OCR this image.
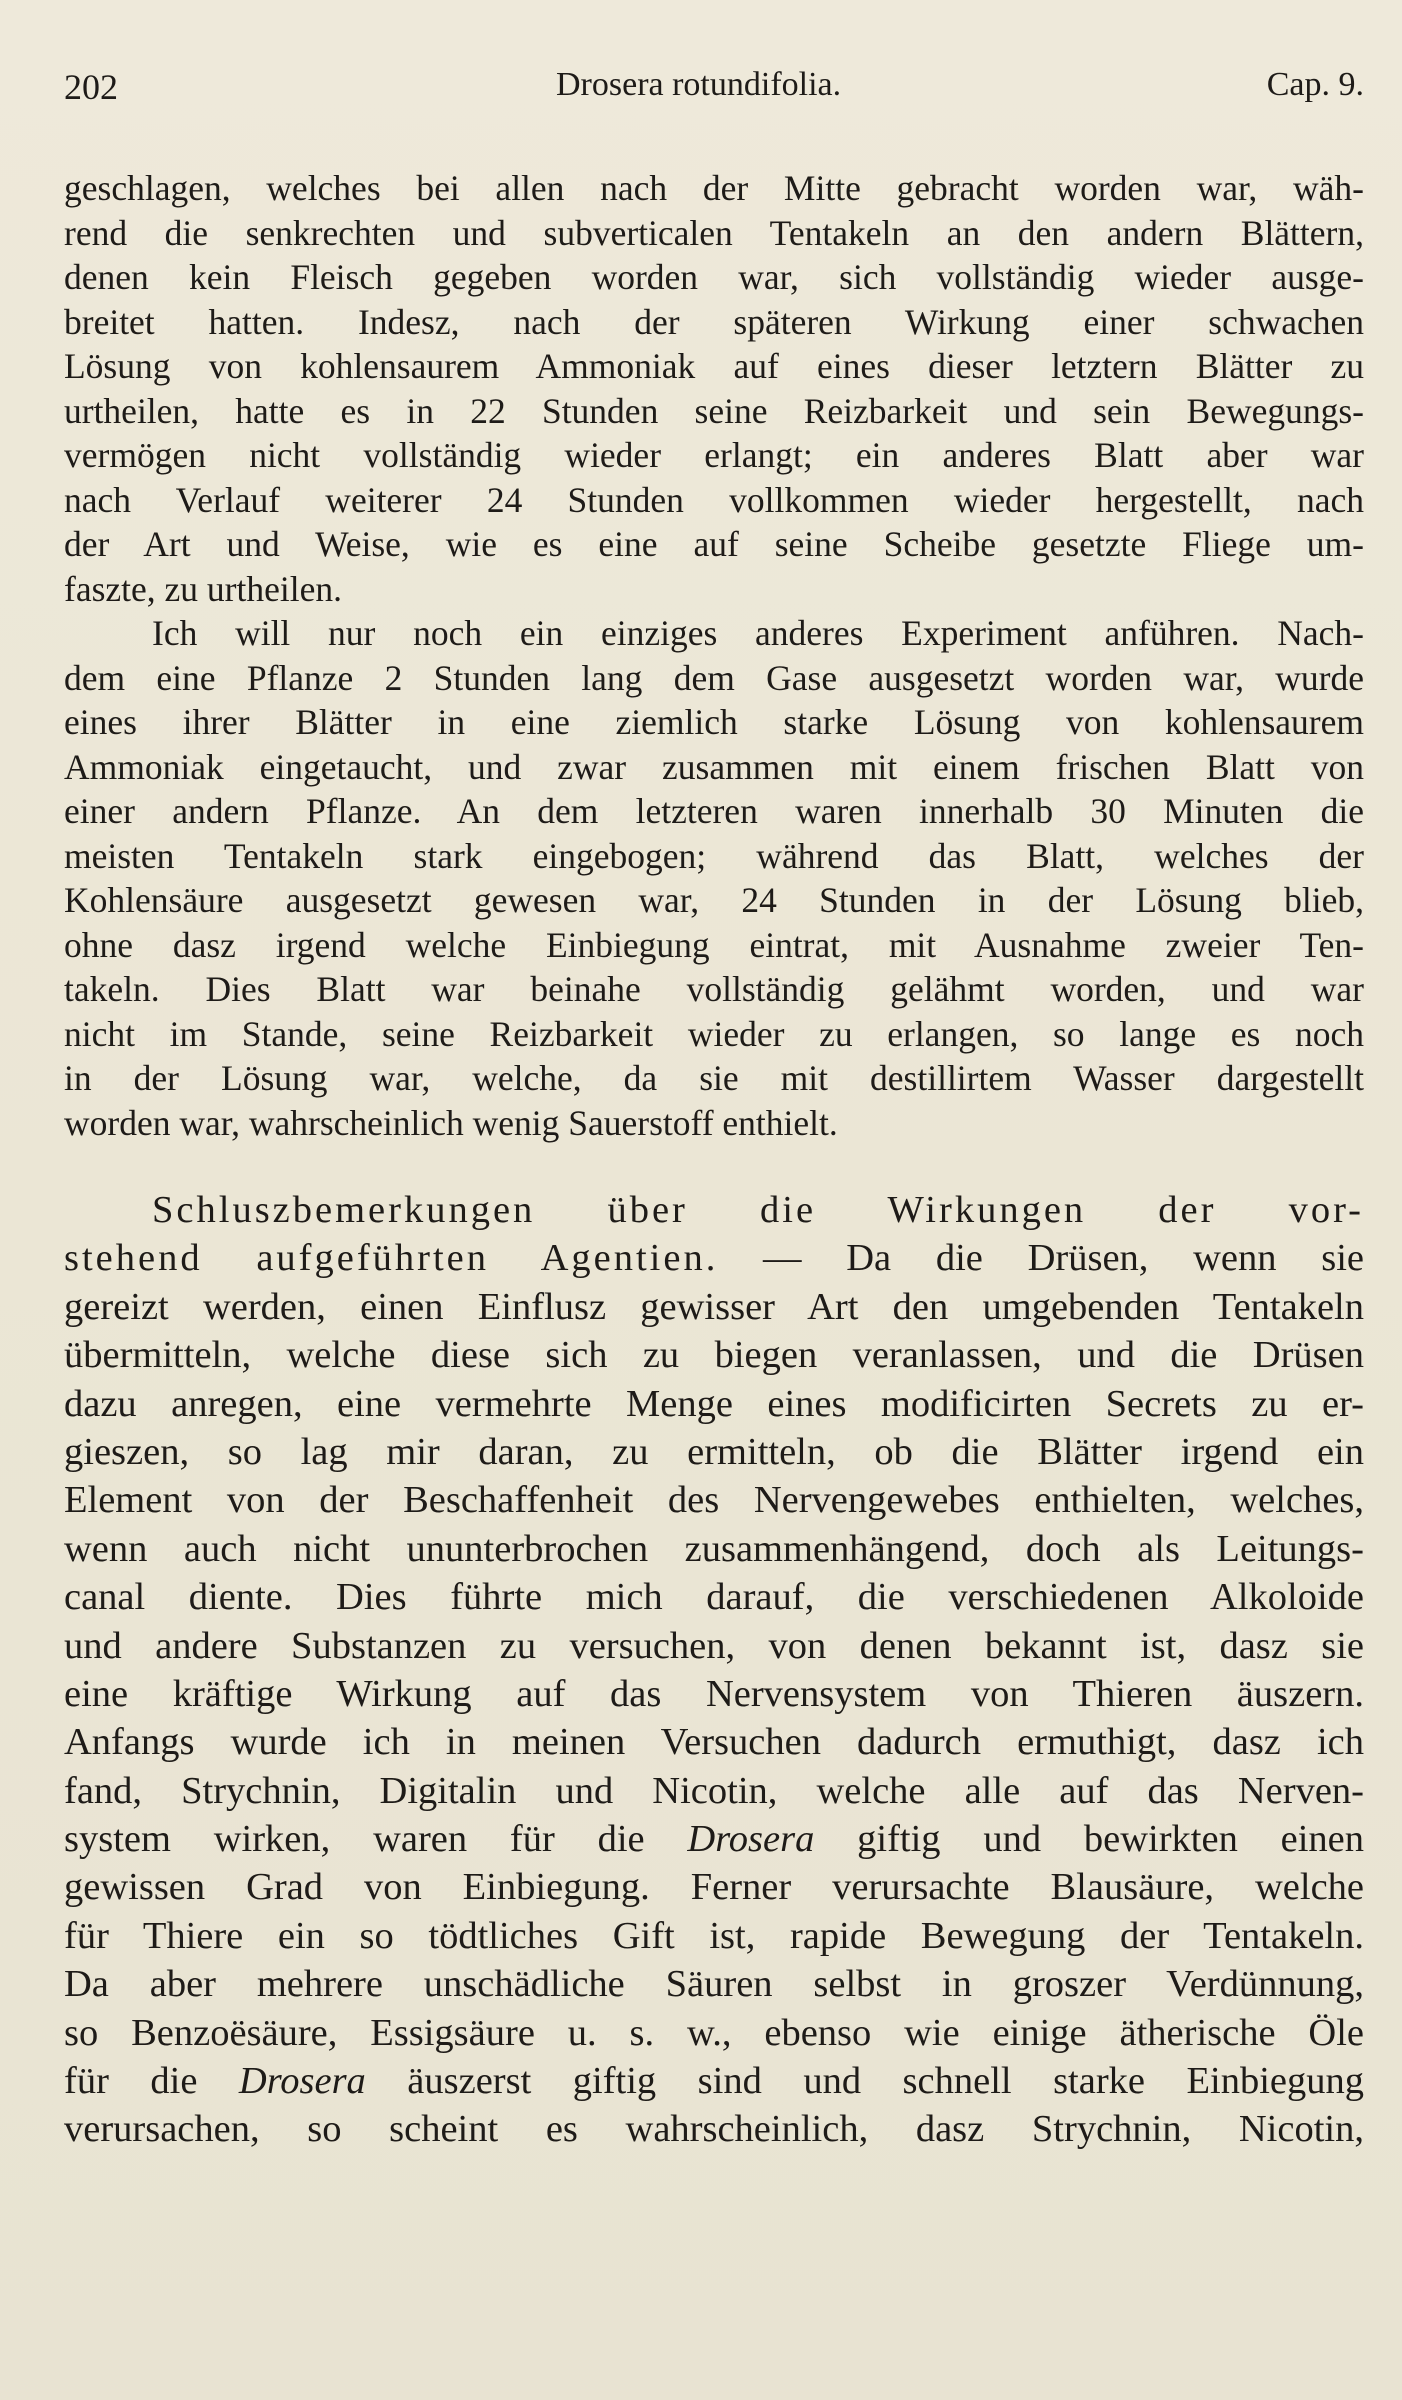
202	Drosera rotundifolia.	Cap. 9.
geschlagen, welches bei allen nach der Mitte gebracht worden war, wäh-
rend die senkrechten und subverticalen Tentakeln an den andern Blättern,
denen kein Fleisch gegeben worden war, sich vollständig wieder ausge-
breitet hatten. Indesz, nach der späteren Wirkung einer schwachen
Lösung von kohlensaurem Ammoniak auf eines dieser letztern Blätter zu
urtheilen, hatte es in 22 Stunden seine Reizbarkeit und sein Bewegungs-
vermögen nicht vollständig wieder erlangt; ein anderes Blatt aber war
nach Verlauf weiterer 24 Stunden vollkommen wieder hergestellt, nach
der Art und Weise, wie es eine auf seine Scheibe gesetzte Fliege um-
faszte, zu urtheilen.
Ich will nur noch ein einziges anderes Experiment anführen. Nach-
dem eine Pflanze 2 Stunden lang dem Gase ausgesetzt worden war, wurde
eines ihrer Blätter in eine ziemlich starke Lösung von kohlensaurem
Ammoniak eingetaucht, und zwar zusammen mit einem frischen Blatt von
einer andern Pflanze. An dem letzteren waren innerhalb 30 Minuten die
meisten Tentakeln stark eingebogen; während das Blatt, welches der
Kohlensäure ausgesetzt gewesen war, 24 Stunden in der Lösung blieb,
ohne dasz irgend welche Einbiegung eintrat, mit Ausnahme zweier Ten-
takeln. Dies Blatt war beinahe vollständig gelähmt worden, und war
nicht im Stande, seine Reizbarkeit wieder zu erlangen, so lange es noch
in der Lösung war, welche, da sie mit destillirtem Wasser dargestellt
worden war, wahrscheinlich wenig Sauerstoff enthielt.
Schluszbemerkungen über die Wirkungen der vor-
stehend aufgeführten Agentien. — Da die Drüsen, wenn sie
gereizt werden, einen Einflusz gewisser Art den umgebenden Tentakeln
übermitteln, welche diese sich zu biegen veranlassen, und die Drüsen
dazu anregen, eine vermehrte Menge eines modificirten Secrets zu er-
gieszen, so lag mir daran, zu ermitteln, ob die Blätter irgend ein
Element von der Beschaffenheit des Nervengewebes enthielten, welches,
wenn auch nicht ununterbrochen zusammenhängend, doch als Leitungs-
canal diente. Dies führte mich darauf, die verschiedenen Alkoloide
und andere Substanzen zu versuchen, von denen bekannt ist, dasz sie
eine kräftige Wirkung auf das Nervensystem von Thieren äuszern.
Anfangs wurde ich in meinen Versuchen dadurch ermuthigt, dasz ich
fand, Strychnin, Digitalin und Nicotin, welche alle auf das Nerven-
system wirken, waren für die Drosera giftig und bewirkten einen
gewissen Grad von Einbiegung. Ferner verursachte Blausäure, welche
für Thiere ein so tödtliches Gift ist, rapide Bewegung der Tentakeln.
Da aber mehrere unschädliche Säuren selbst in groszer Verdünnung,
so Benzoësäure, Essigsäure u. s. w., ebenso wie einige ätherische Öle
für die Drosera äuszerst giftig sind und schnell starke Einbiegung
verursachen, so scheint es wahrscheinlich, dasz Strychnin, Nicotin,
